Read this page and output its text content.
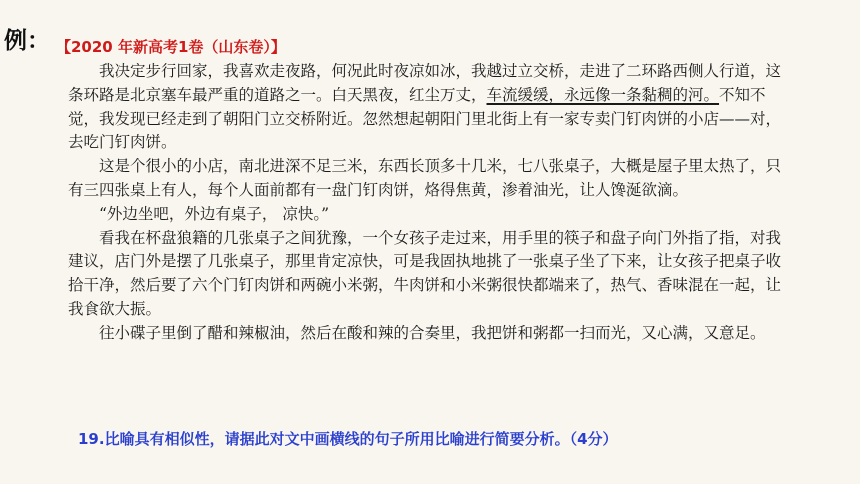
例： 【2020 年新高考1卷（山东卷）】

我决定步行回家，我喜欢走夜路，何况此时夜凉如冰，我越过立交桥，走进了二环路西侧人行道，这条环路是北京塞车最严重的道路之一。白天黑夜，红尘万丈，车流缓缓，永远像一条黏稠的河。不知不觉，我发现已经走到了朝阳门立交桥附近。忽然想起朝阳门里北街上有一家专卖门钉肉饼的小店——对，去吃门钉肉饼。

这是个很小的小店，南北进深不足三米，东西长顶多十几米，七八张桌子，大概是屋子里太热了，只有三四张桌上有人，每个人面前都有一盘门钉肉饼，烙得焦黄，渗着油光，让人馋涎欲滴。

“外边坐吧，外边有桌子， 凉快。”

看我在杯盘狼籍的几张桌子之间犹豫，一个女孩子走过来，用手里的筷子和盘子向门外指了指，对我建议，店门外是摆了几张桌子，那里肯定凉快，可是我固执地挑了一张桌子坐了下来，让女孩子把桌子收拾干净，然后要了六个门钉肉饼和两碗小米粥，牛肉饼和小米粥很快都端来了，热气、香味混在一起，让我食欲大振。

往小碟子里倒了醋和辣椒油，然后在酸和辣的合奏里，我把饼和粥都一扫而光，又心满，又意足。

19.比喻具有相似性，请据此对文中画横线的句子所用比喻进行简要分析。（4分）
